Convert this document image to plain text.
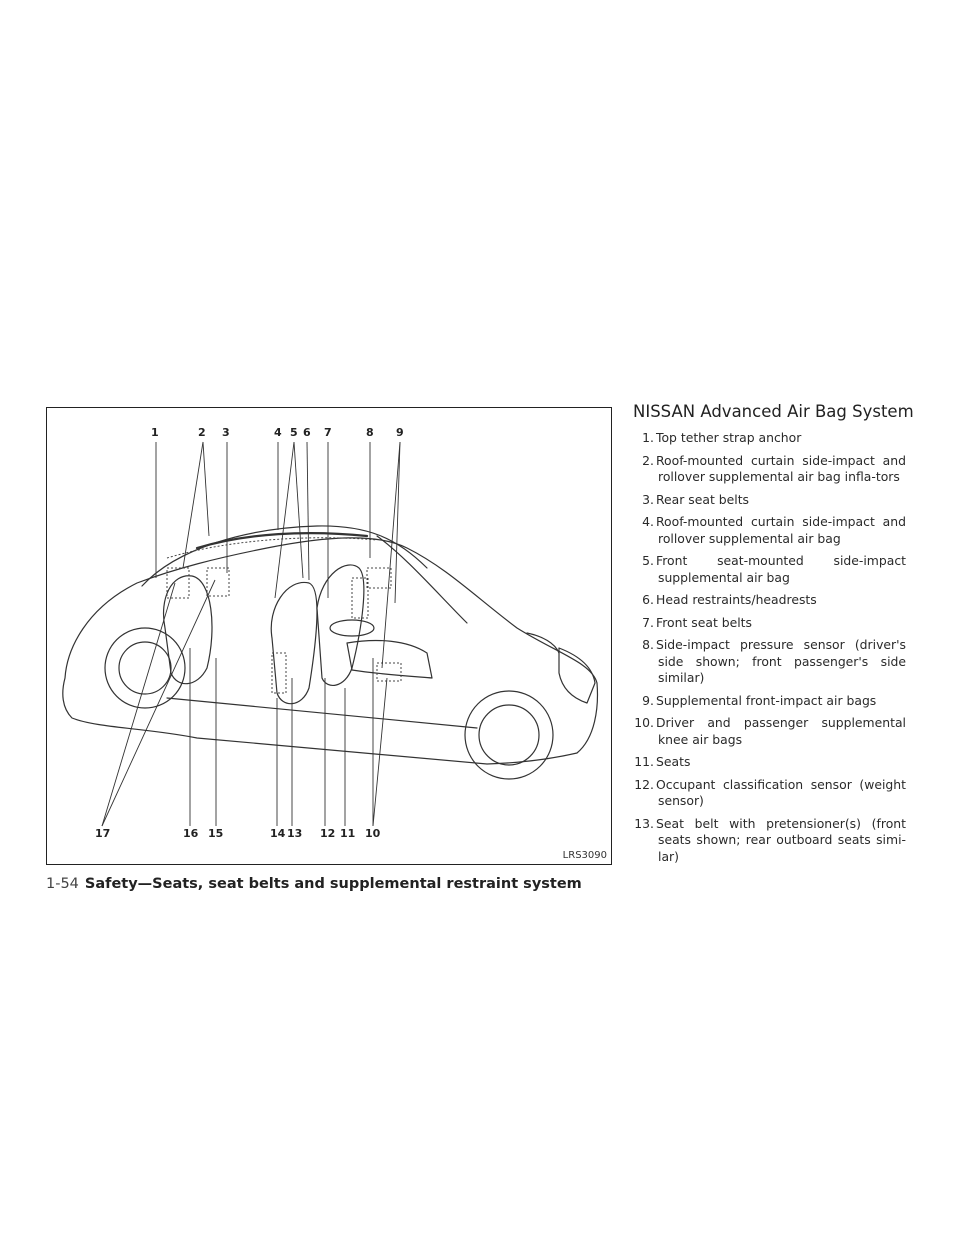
1	2 3	4 5 6 7	8 9
17	16 15	14 13 12 11 10
LRS3090
NISSAN Advanced Air Bag System
1. Top tether strap anchor
2. Roof-mounted curtain side-impact and rollover supplemental air bag infla-tors
3. Rear seat belts
4. Roof-mounted curtain side-impact and rollover supplemental air bag
5. Front seat-mounted side-impact supplemental air bag
6. Head restraints/headrests
7. Front seat belts
8. Side-impact pressure sensor (driver's side shown; front passenger's side similar)
9. Supplemental front-impact air bags
10. Driver and passenger supplemental knee air bags
11. Seats
12. Occupant classification sensor (weight sensor)
13. Seat belt with pretensioner(s) (front seats shown; rear outboard seats simi-lar)
1-54 Safety—Seats, seat belts and supplemental restraint system
